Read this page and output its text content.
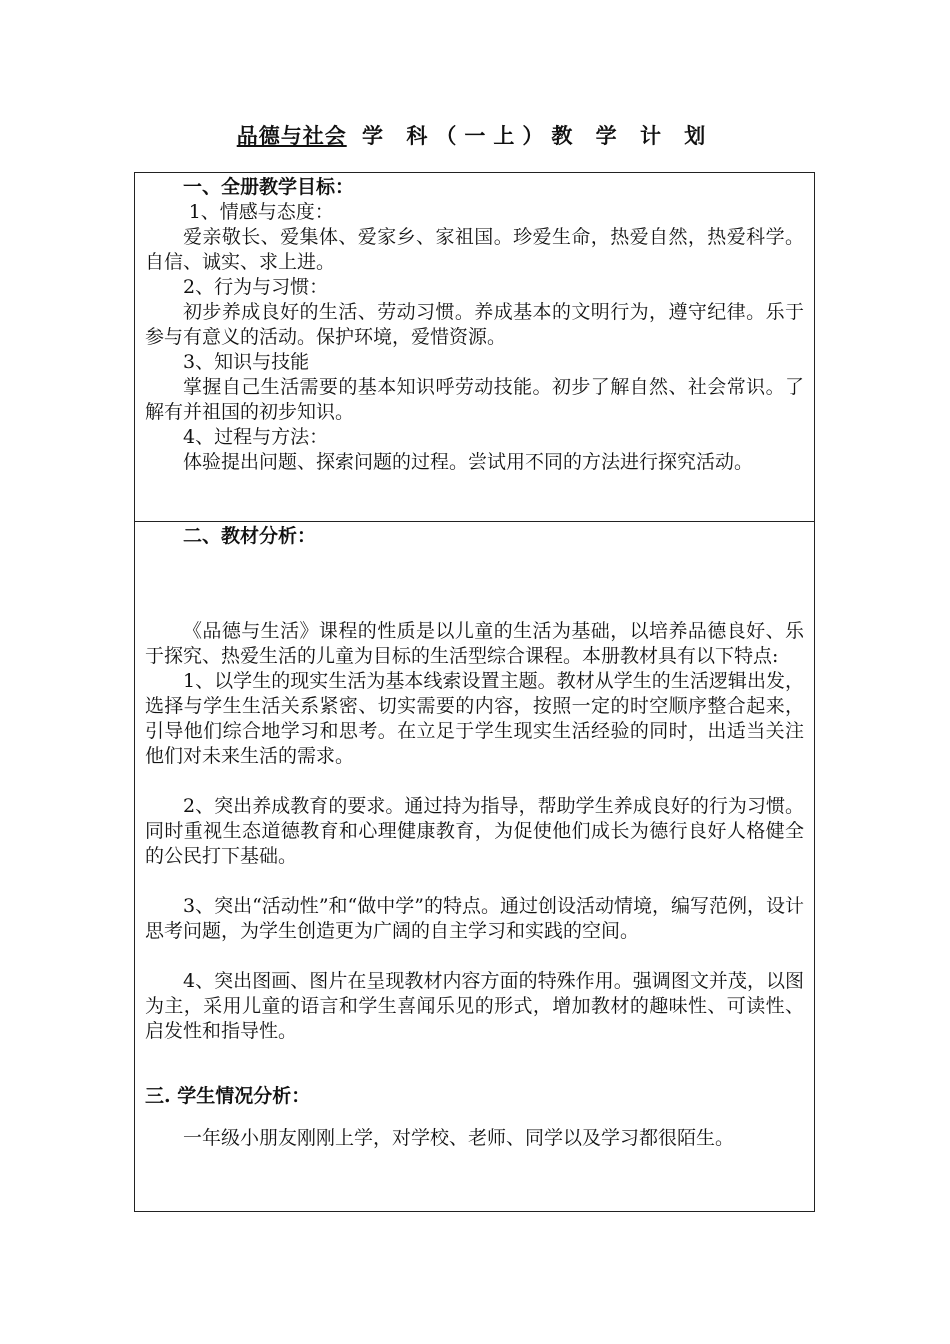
品德与社会 学 科（一上）教 学 计 划

一、全册教学目标：

1、情感与态度：

爱亲敬长、爱集体、爱家乡、家祖国。珍爱生命，热爱自然，热爱科学。自信、诚实、求上进。

2、行为与习惯：

初步养成良好的生活、劳动习惯。养成基本的文明行为，遵守纪律。乐于参与有意义的活动。保护环境，爱惜资源。

3、知识与技能

掌握自己生活需要的基本知识呼劳动技能。初步了解自然、社会常识。了解有并祖国的初步知识。

4、过程与方法：

体验提出问题、探索问题的过程。尝试用不同的方法进行探究活动。

二、教材分析：

《品德与生活》课程的性质是以儿童的生活为基础，以培养品德良好、乐于探究、热爱生活的儿童为目标的生活型综合课程。本册教材具有以下特点:

1、以学生的现实生活为基本线索设置主题。教材从学生的生活逻辑出发，选择与学生生活关系紧密、切实需要的内容，按照一定的时空顺序整合起来，引导他们综合地学习和思考。在立足于学生现实生活经验的同时，出适当关注他们对未来生活的需求。

2、突出养成教育的要求。通过持为指导，帮助学生养成良好的行为习惯。同时重视生态道德教育和心理健康教育，为促使他们成长为德行良好人格健全的公民打下基础。

3、突出“活动性”和“做中学”的特点。通过创设活动情境，编写范例，设计思考问题，为学生创造更为广阔的自主学习和实践的空间。

4、突出图画、图片在呈现教材内容方面的特殊作用。强调图文并茂，以图为主，采用儿童的语言和学生喜闻乐见的形式，增加教材的趣味性、可读性、启发性和指导性。

三. 学生情况分析：

一年级小朋友刚刚上学，对学校、老师、同学以及学习都很陌生。
